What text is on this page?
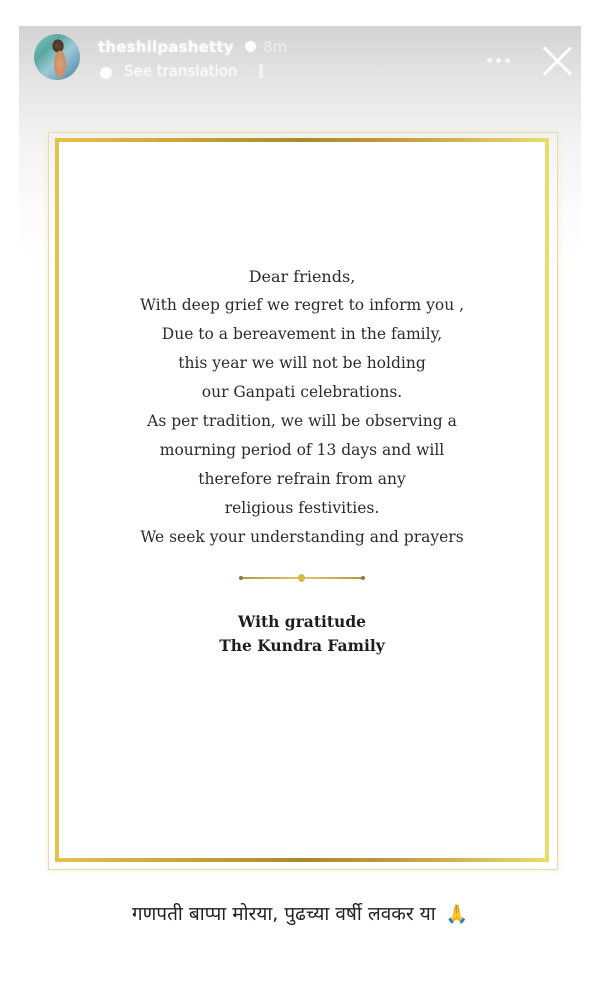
theshilpashetty 8m
See translation
Dear friends,
With deep grief we regret to inform you ,
Due to a bereavement in the family,
this year we will not be holding
our Ganpati celebrations.
As per tradition, we will be observing a
mourning period of 13 days and will
therefore refrain from any
religious festivities.
We seek your understanding and prayers
With gratitude
The Kundra Family
गणपती बाप्पा मोरया, पुढच्या वर्षी लवकर या 🙏
